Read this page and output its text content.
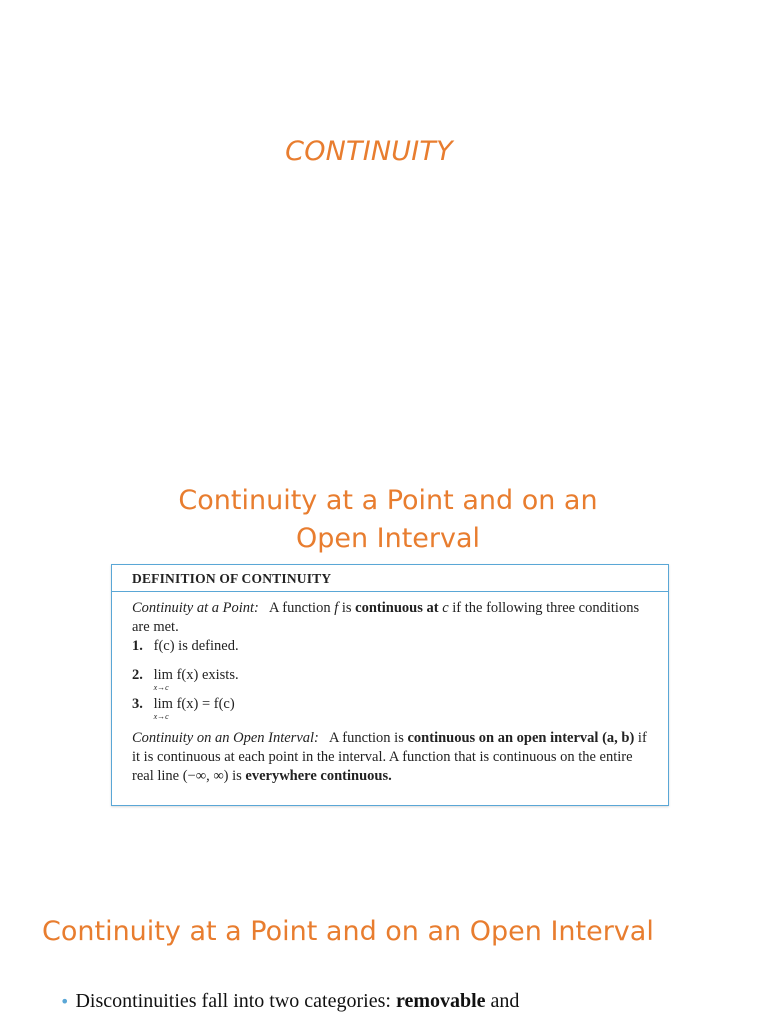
CONTINUITY
Continuity at a Point and on an Open Interval
DEFINITION OF CONTINUITY

Continuity at a Point: A function f is continuous at c if the following three conditions are met.

1. f(c) is defined.

2. lim
x→c
f(x) exists.

3. lim
x→c
f(x) = f(c)

Continuity on an Open Interval: A function is continuous on an open interval (a, b) if it is continuous at each point in the interval. A function that is continuous on the entire real line (−∞, ∞) is everywhere continuous.

Continuity at a Point and on an Open Interval
• Discontinuities fall into two categories: removable and
